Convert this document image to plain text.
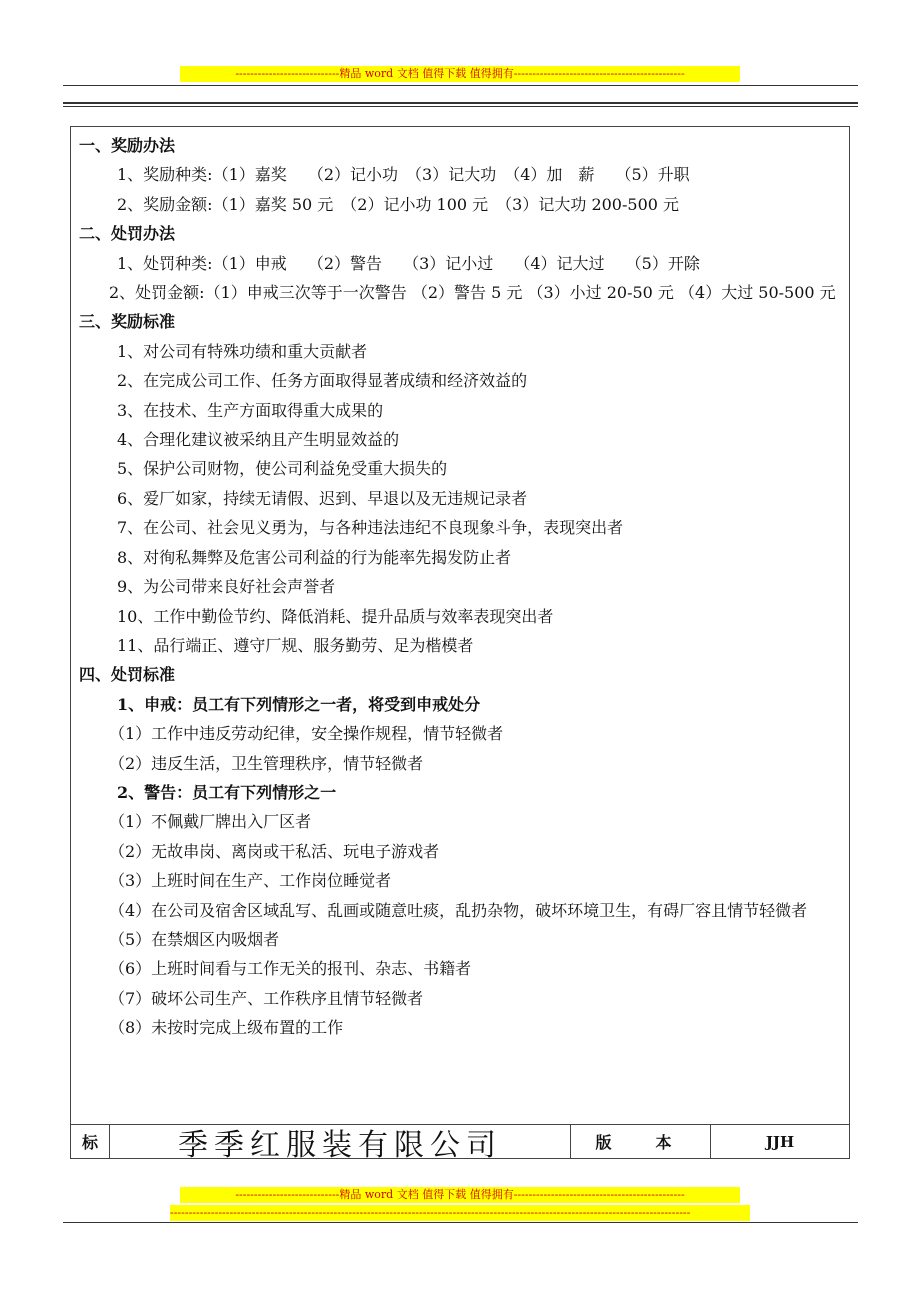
----------------------------精品 word 文档 值得下载 值得拥有----------------------------------------------

一、奖励办法

1、奖励种类:（1）嘉奖　 （2）记小功　（3）记大功　（4）加　薪　 （5）升职

2、奖励金额:（1）嘉奖 50 元　（2）记小功 100 元　（3）记大功 200-500 元

二、处罚办法

1、处罚种类:（1）申戒　 （2）警告　 （3）记小过　 （4）记大过　 （5）开除

2、处罚金额:（1）申戒三次等于一次警告 （2）警告 5 元 （3）小过 20-50 元 （4）大过 50-500 元

三、奖励标准

1、对公司有特殊功绩和重大贡献者

2、在完成公司工作、任务方面取得显著成绩和经济效益的

3、在技术、生产方面取得重大成果的

4、合理化建议被采纳且产生明显效益的

5、保护公司财物，使公司利益免受重大损失的

6、爱厂如家，持续无请假、迟到、早退以及无违规记录者

7、在公司、社会见义勇为，与各种违法违纪不良现象斗争，表现突出者

8、对徇私舞弊及危害公司利益的行为能率先揭发防止者

9、为公司带来良好社会声誉者

10、工作中勤俭节约、降低消耗、提升品质与效率表现突出者

11、品行端正、遵守厂规、服务勤劳、足为楷模者

四、处罚标准

1、申戒：员工有下列情形之一者，将受到申戒处分

（1）工作中违反劳动纪律，安全操作规程，情节轻微者

（2）违反生活，卫生管理秩序，情节轻微者

2、警告：员工有下列情形之一

（1）不佩戴厂牌出入厂区者

（2）无故串岗、离岗或干私活、玩电子游戏者

（3）上班时间在生产、工作岗位睡觉者

（4）在公司及宿舍区域乱写、乱画或随意吐痰，乱扔杂物，破坏环境卫生，有碍厂容且情节轻微者

（5）在禁烟区内吸烟者

（6）上班时间看与工作无关的报刊、杂志、书籍者

（7）破坏公司生产、工作秩序且情节轻微者

（8）未按时完成上级布置的工作

标	季季红服装有限公司	版　本	JJH
----------------------------精品 word 文档 值得下载 值得拥有----------------------------------------------
--------------------------------------------------------------------------------------------------------------------------------------------
